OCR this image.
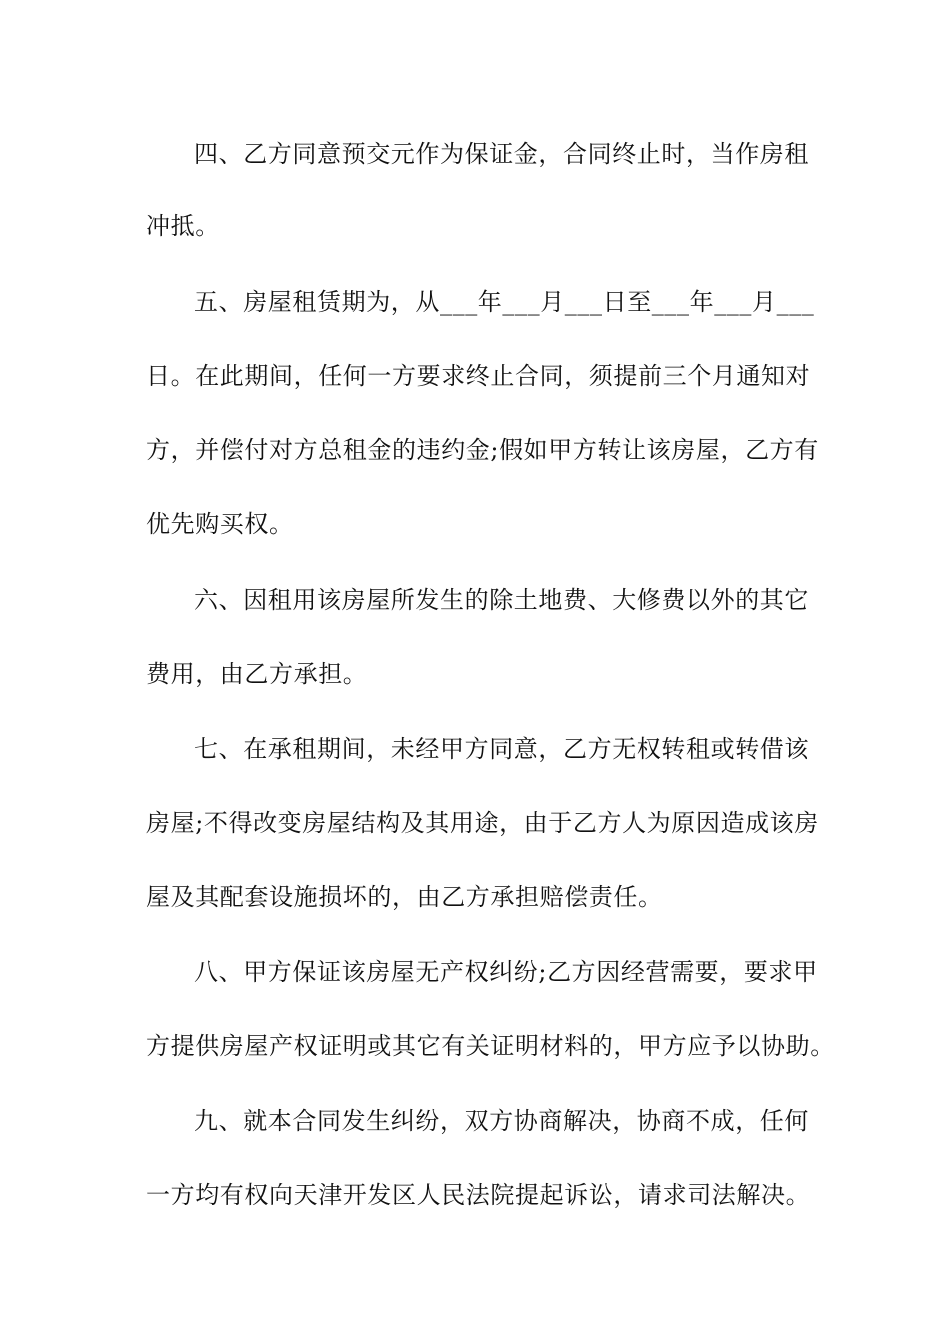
四、乙方同意预交元作为保证金，合同终止时，当作房租
冲抵。
五、房屋租赁期为，从___年___月___日至___年___月___
日。在此期间，任何一方要求终止合同，须提前三个月通知对
方，并偿付对方总租金的违约金;假如甲方转让该房屋，乙方有
优先购买权。
六、因租用该房屋所发生的除土地费、大修费以外的其它
费用，由乙方承担。
七、在承租期间，未经甲方同意，乙方无权转租或转借该
房屋;不得改变房屋结构及其用途，由于乙方人为原因造成该房
屋及其配套设施损坏的，由乙方承担赔偿责任。
八、甲方保证该房屋无产权纠纷;乙方因经营需要，要求甲
方提供房屋产权证明或其它有关证明材料的，甲方应予以协助。
九、就本合同发生纠纷，双方协商解决，协商不成，任何
一方均有权向天津开发区人民法院提起诉讼，请求司法解决。
